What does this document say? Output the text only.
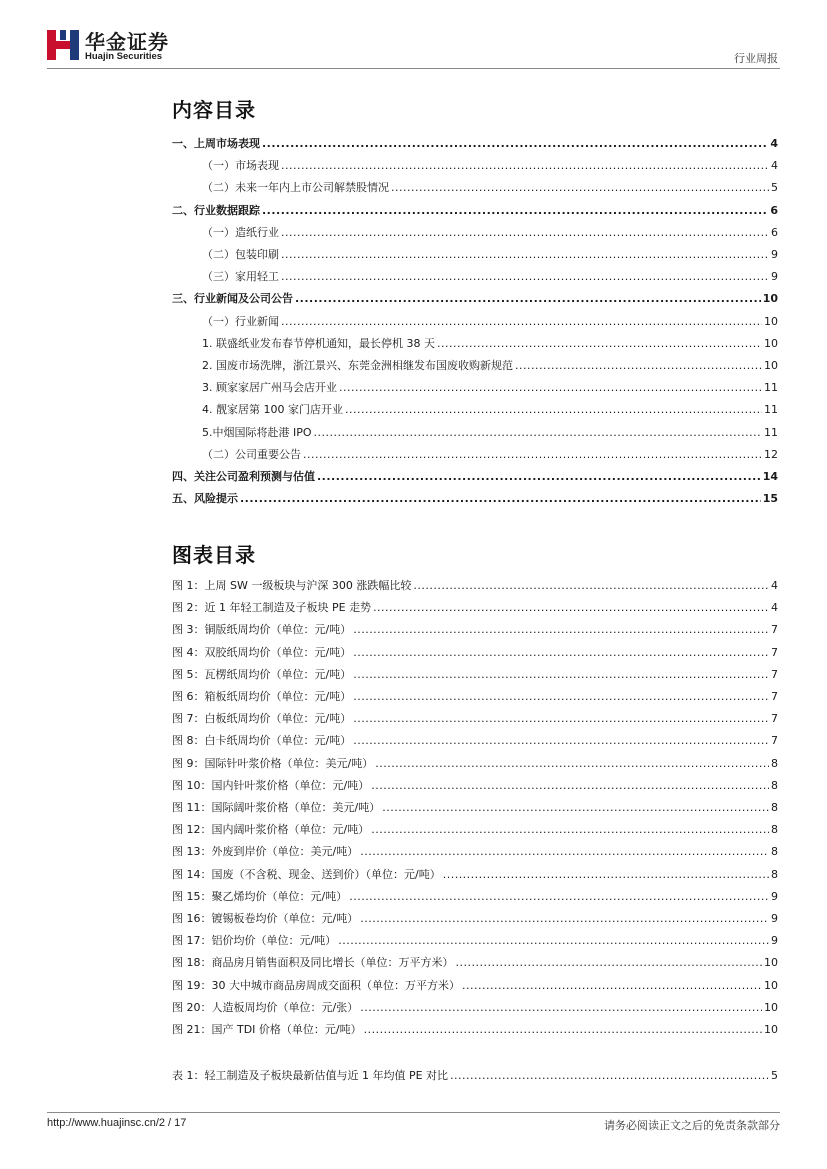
华金证券
Huajin Securities	行业周报
内容目录
一、上周市场表现 .....	4
（一）市场表现 .....	4
（二）未来一年内上市公司解禁股情况 .....	5
二、行业数据跟踪 .....	6
（一）造纸行业 .....	6
（二）包装印刷 .....	9
（三）家用轻工 .....	9
三、行业新闻及公司公告 .....	10
（一）行业新闻 .....	10
1. 联盛纸业发布春节停机通知，最长停机 38 天 .....	10
2. 国废市场洗牌，浙江景兴、东莞金洲相继发布国废收购新规范 .....	10
3. 顾家家居广州马会店开业 .....	11
4. 靓家居第 100 家门店开业 .....	11
5.中烟国际将赴港 IPO .....	11
（二）公司重要公告 .....	12
四、关注公司盈利预测与估值 .....	14
五、风险提示 .....	15
图表目录
图 1：上周 SW 一级板块与沪深 300 涨跌幅比较 .....	4
图 2：近 1 年轻工制造及子板块 PE 走势 .....	4
图 3：铜版纸周均价（单位：元/吨） .....	7
图 4：双胶纸周均价（单位：元/吨） .....	7
图 5：瓦楞纸周均价（单位：元/吨） .....	7
图 6：箱板纸周均价（单位：元/吨） .....	7
图 7：白板纸周均价（单位：元/吨） .....	7
图 8：白卡纸周均价（单位：元/吨） .....	7
图 9：国际针叶浆价格（单位：美元/吨） .....	8
图 10：国内针叶浆价格（单位：元/吨） .....	8
图 11：国际阔叶浆价格（单位：美元/吨） .....	8
图 12：国内阔叶浆价格（单位：元/吨） .....	8
图 13：外废到岸价（单位：美元/吨） .....	8
图 14：国废（不含税、现金、送到价）（单位：元/吨） .....	8
图 15：聚乙烯均价（单位：元/吨） .....	9
图 16：镀锡板卷均价（单位：元/吨） .....	9
图 17：铝价均价（单位：元/吨） .....	9
图 18：商品房月销售面积及同比增长（单位：万平方米） .....	10
图 19：30 大中城市商品房周成交面积（单位：万平方米） .....	10
图 20：人造板周均价（单位：元/张） .....	10
图 21：国产 TDI 价格（单位：元/吨） .....	10
表 1：轻工制造及子板块最新估值与近 1 年均值 PE 对比 .....	5
http://www.huajinsc.cn/2 / 17	请务必阅读正文之后的免责条款部分
